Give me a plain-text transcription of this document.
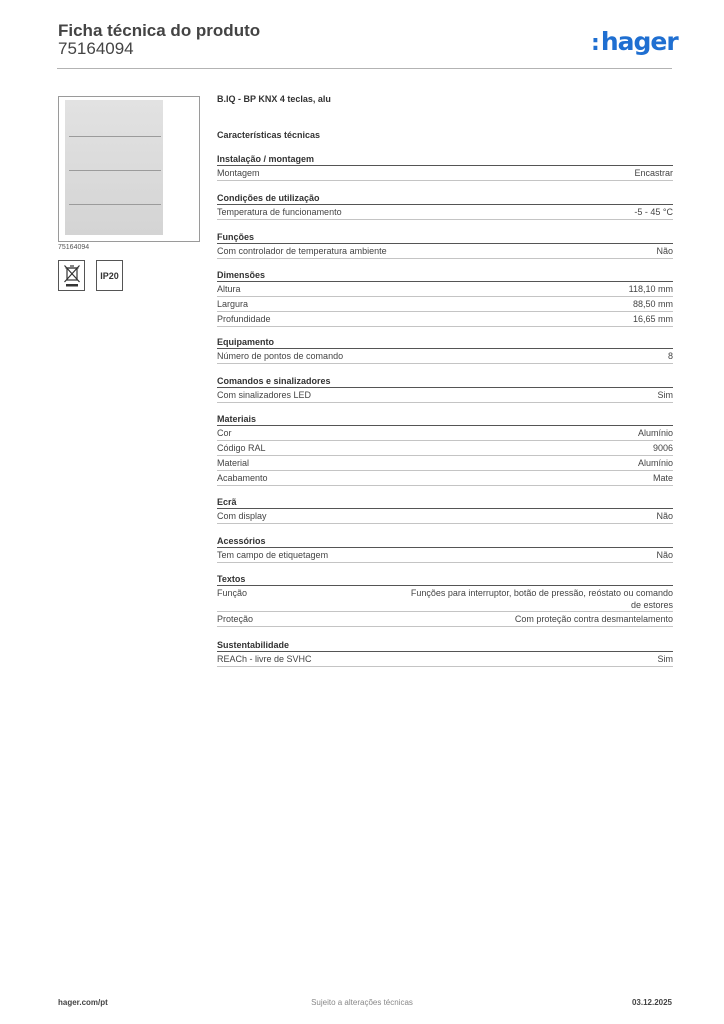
Ficha técnica do produto
75164094	:hager
75164094
IP20
B.IQ - BP KNX 4 teclas, alu
Características técnicas
Instalação / montagem
Montagem	Encastrar
Condições de utilização
Temperatura de funcionamento	-5 - 45 °C
Funções
Com controlador de temperatura ambiente	Não
Dimensões
Altura	118,10 mm
Largura	88,50 mm
Profundidade	16,65 mm
Equipamento
Número de pontos de comando	8
Comandos e sinalizadores
Com sinalizadores LED	Sim
Materiais
Cor	Alumínio
Código RAL	9006
Material	Alumínio
Acabamento	Mate
Ecrã
Com display	Não
Acessórios
Tem campo de etiquetagem	Não
Textos
Função	Funções para interruptor, botão de pressão, reóstato ou comando de estores
Proteção	Com proteção contra desmantelamento
Sustentabilidade
REACh - livre de SVHC	Sim
hager.com/pt	Sujeito a alterações técnicas	03.12.2025
